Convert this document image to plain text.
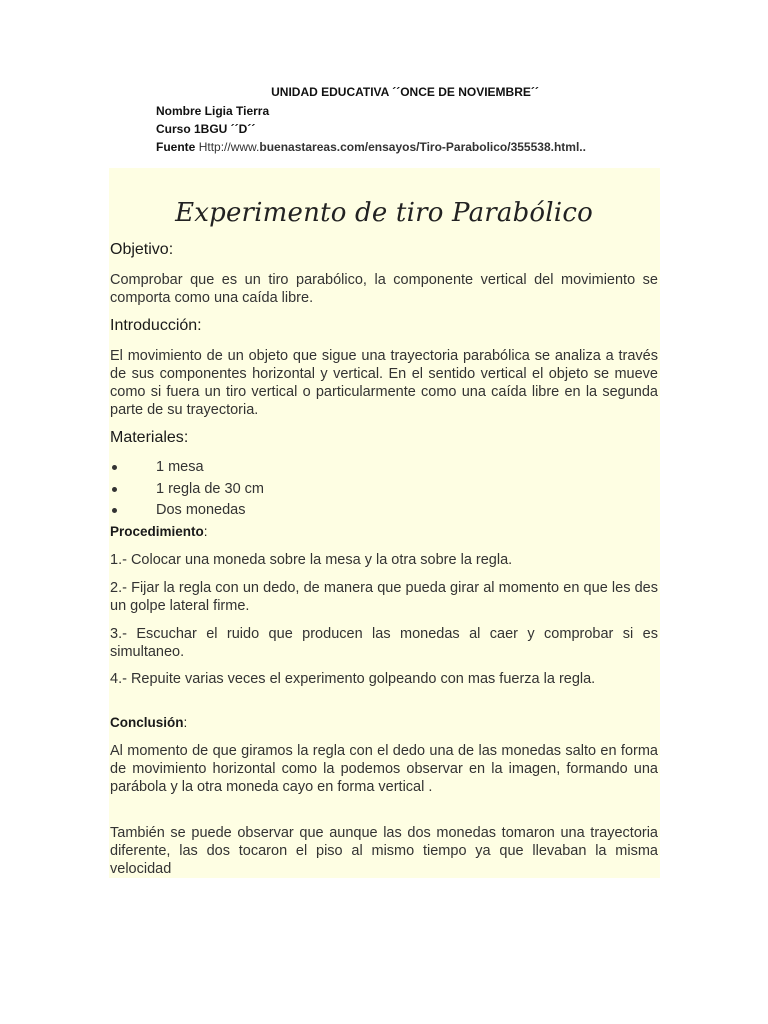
UNIDAD EDUCATIVA ´´ONCE DE NOVIEMBRE´´
Nombre Ligia Tierra
Curso 1BGU ´´D´´
Fuente Http://www.buenastareas.com/ensayos/Tiro-Parabolico/355538.html..
Experimento de tiro Parabólico
Objetivo:
Comprobar que es un tiro parabólico, la componente vertical del movimiento se comporta como una caída libre.
Introducción:
El movimiento de un objeto que sigue una trayectoria parabólica se analiza a través de sus componentes horizontal y vertical. En el sentido vertical el objeto se mueve como si fuera un tiro vertical o particularmente como una caída libre en la segunda parte de su trayectoria.
Materiales:
1 mesa
1 regla de 30 cm
Dos monedas
Procedimiento:
1.- Colocar una moneda sobre la mesa y la otra sobre la regla.
2.- Fijar la regla con un dedo, de manera que pueda girar al momento en que les des un golpe lateral firme.
3.- Escuchar el ruido que producen las monedas al caer y comprobar si es simultaneo.
4.- Repuite varias veces el experimento golpeando con mas fuerza la regla.
Conclusión:
Al momento de que giramos la regla con el dedo una de las monedas salto en forma de movimiento horizontal como la podemos observar en la imagen, formando una parábola y la otra moneda cayo en forma vertical .
También se puede observar que aunque las dos monedas tomaron una trayectoria diferente, las dos tocaron el piso al mismo tiempo ya que llevaban la misma velocidad
